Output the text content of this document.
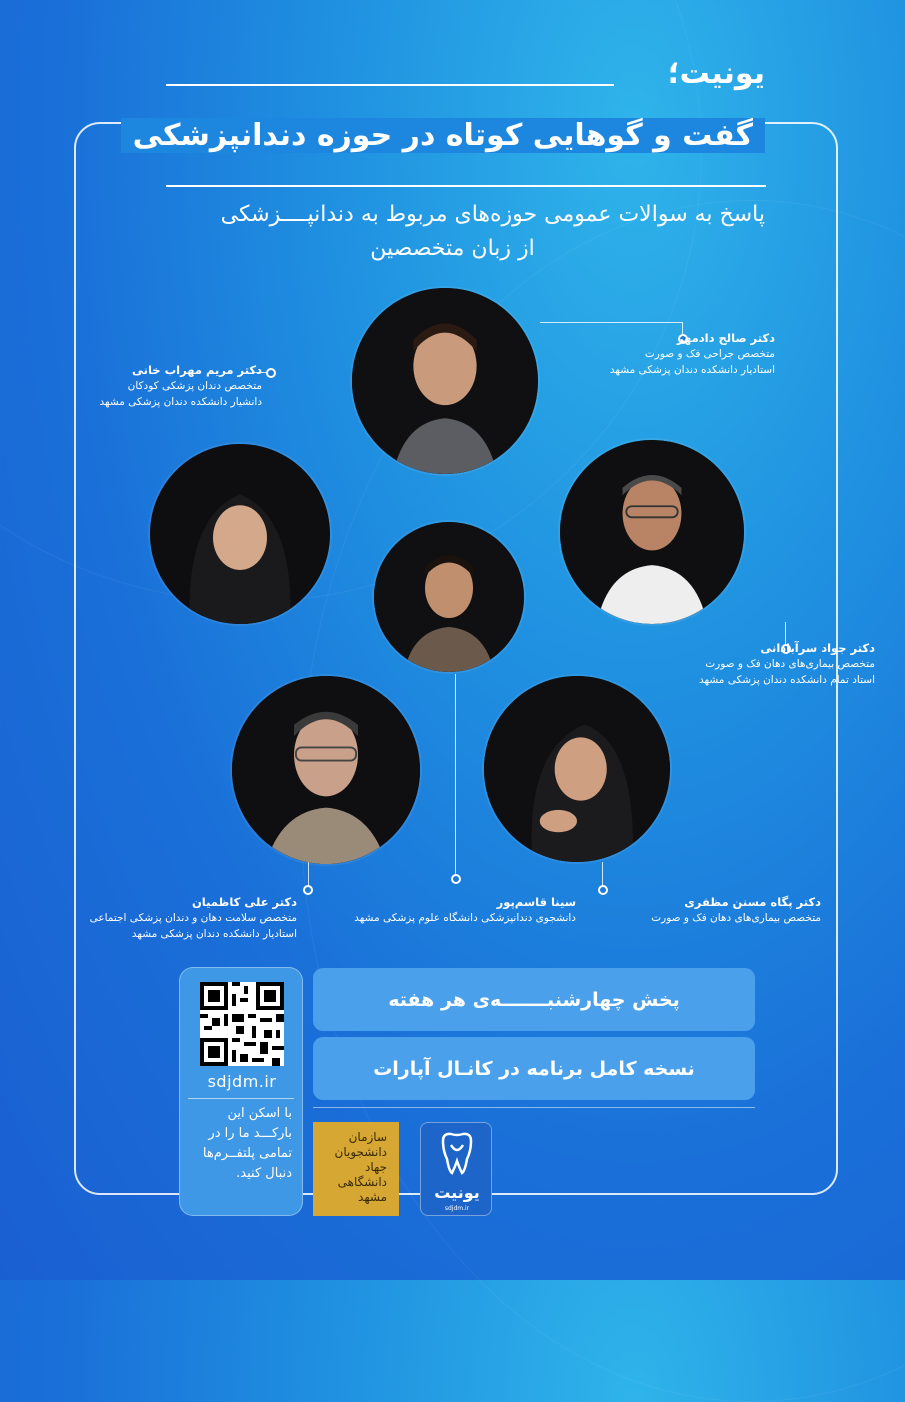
یونیت؛
گفت و گوهایی کوتاه در حوزه دندانپزشکی
پاسخ به سوالات عمومی حوزه‌های مربوط به دندانپــــزشکی
از زبان متخصصین
دکتر صالح دادمهر
متخصص جراحی فک و صورت
استادیار دانشکده دندان پزشکی مشهد
دکتر مریم مهراب خانی
متخصص دندان پزشکی کودکان
دانشیار دانشکده دندان پزشکی مشهد
دکتر جواد سرآبادانی
متخصص بیماری‌های دهان فک و صورت
استاد تمام دانشکده دندان پزشکی مشهد
دکتر علی کاظمیان
متخصص سلامت دهان و دندان پزشکی اجتماعی
استادیار دانشکده دندان پزشکی مشهد
سینا قاسم‌پور
دانشجوی دندانپزشکی دانشگاه علوم پزشکی مشهد
دکتر پگاه مسنن مظفری
متخصص بیماری‌های دهان فک و صورت
sdjdm.ir
با اسکن این بارکـــد ما را در تمامی پلتفــرم‌ها دنبال کنید.
پخش چهارشنبـــــــه‌ی هر هفته
نسخه کامل برنامه در کانـال آپارات
سازمان دانشجویان جهاد دانشگاهی مشهد	یونیت
sdjdm.ir
